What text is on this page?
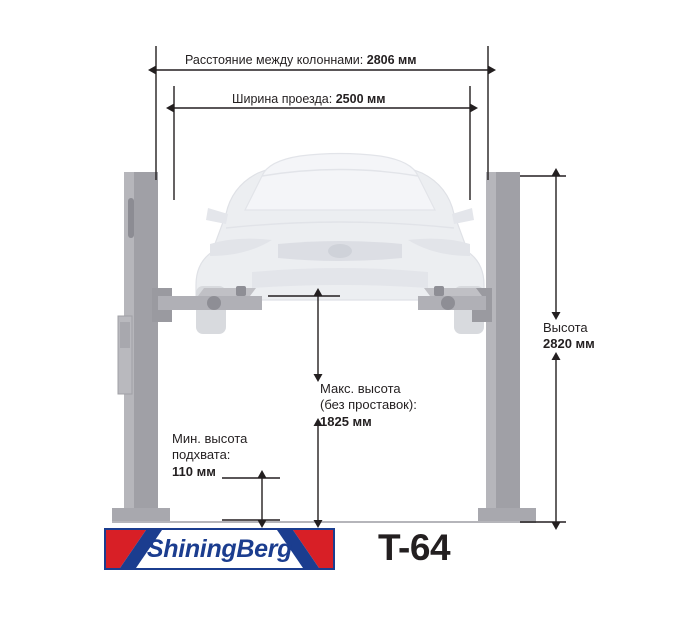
Расстояние между колоннами: 2806 мм
Ширина проезда: 2500 мм
Высота
2820 мм
Макс. высота
(без проставок):
1825 мм
Мин. высота
подхвата:
110 мм
ShiningBerg T-64
